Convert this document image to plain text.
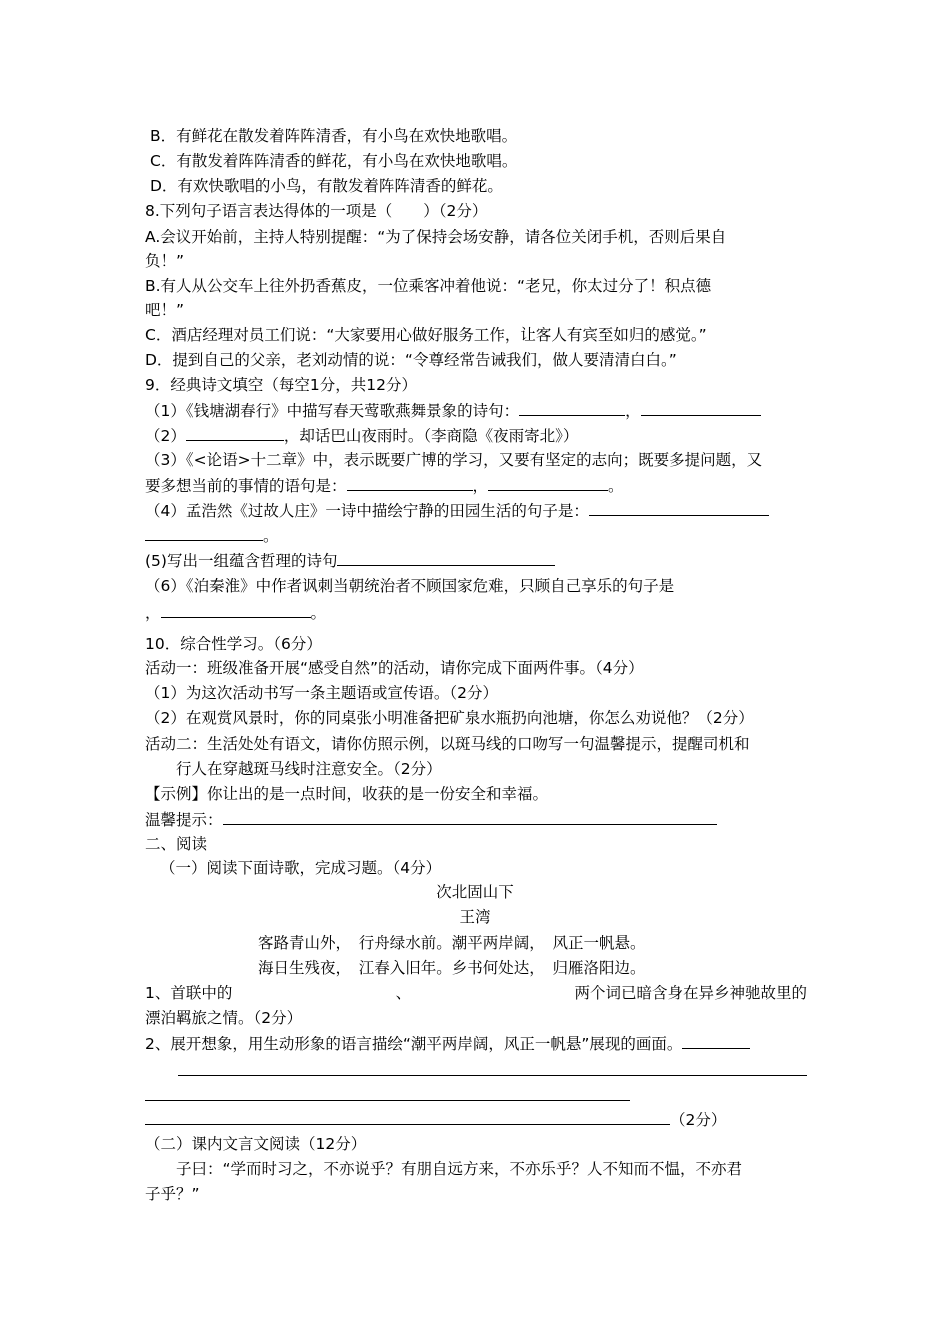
B．有鲜花在散发着阵阵清香，有小鸟在欢快地歌唱。
C．有散发着阵阵清香的鲜花，有小鸟在欢快地歌唱。
D．有欢快歌唱的小鸟，有散发着阵阵清香的鲜花。
8.下列句子语言表达得体的一项是（　　）（2分）
A.会议开始前，主持人特别提醒：“为了保持会场安静，请各位关闭手机，否则后果自
负！”
B.有人从公交车上往外扔香蕉皮，一位乘客冲着他说：“老兄，你太过分了！积点德
吧！”
C．酒店经理对员工们说：“大家要用心做好服务工作，让客人有宾至如归的感觉。”
D．提到自己的父亲，老刘动情的说：“令尊经常告诫我们，做人要清清白白。”
9．经典诗文填空（每空1分，共12分）
（1）《钱塘湖春行》中描写春天莺歌燕舞景象的诗句：	，
（2）	，却话巴山夜雨时。（李商隐《夜雨寄北》）
（3）《<论语>十二章》中，表示既要广博的学习，又要有坚定的志向；既要多提问题，又
要多想当前的事情的语句是：	，	。
（4）孟浩然《过故人庄》一诗中描绘宁静的田园生活的句子是：
。
(5)写出一组蕴含哲理的诗句
（6）《泊秦淮》中作者讽刺当朝统治者不顾国家危难，只顾自己享乐的句子是
，	。
10．综合性学习。（6分）
活动一：班级准备开展“感受自然”的活动，请你完成下面两件事。（4分）
（1）为这次活动书写一条主题语或宣传语。（2分）
（2）在观赏风景时，你的同桌张小明准备把矿泉水瓶扔向池塘，你怎么劝说他？（2分）
活动二：生活处处有语文，请你仿照示例，以斑马线的口吻写一句温馨提示，提醒司机和
行人在穿越斑马线时注意安全。（2分）
【示例】你让出的是一点时间，收获的是一份安全和幸福。
温馨提示：
二、阅读
（一）阅读下面诗歌，完成习题。（4分）
次北固山下
王湾
客路青山外，　行舟绿水前。潮平两岸阔，　风正一帆悬。
海日生残夜，　江春入旧年。乡书何处达，　归雁洛阳边。
1、首联中的	、	两个词已暗含身在异乡神驰故里的
漂泊羁旅之情。（2分）
2、展开想象，用生动形象的语言描绘“潮平两岸阔，风正一帆悬”展现的画面。
（2分）
（二）课内文言文阅读（12分）
子曰：“学而时习之，不亦说乎？有朋自远方来，不亦乐乎？人不知而不愠，不亦君
子乎？”
